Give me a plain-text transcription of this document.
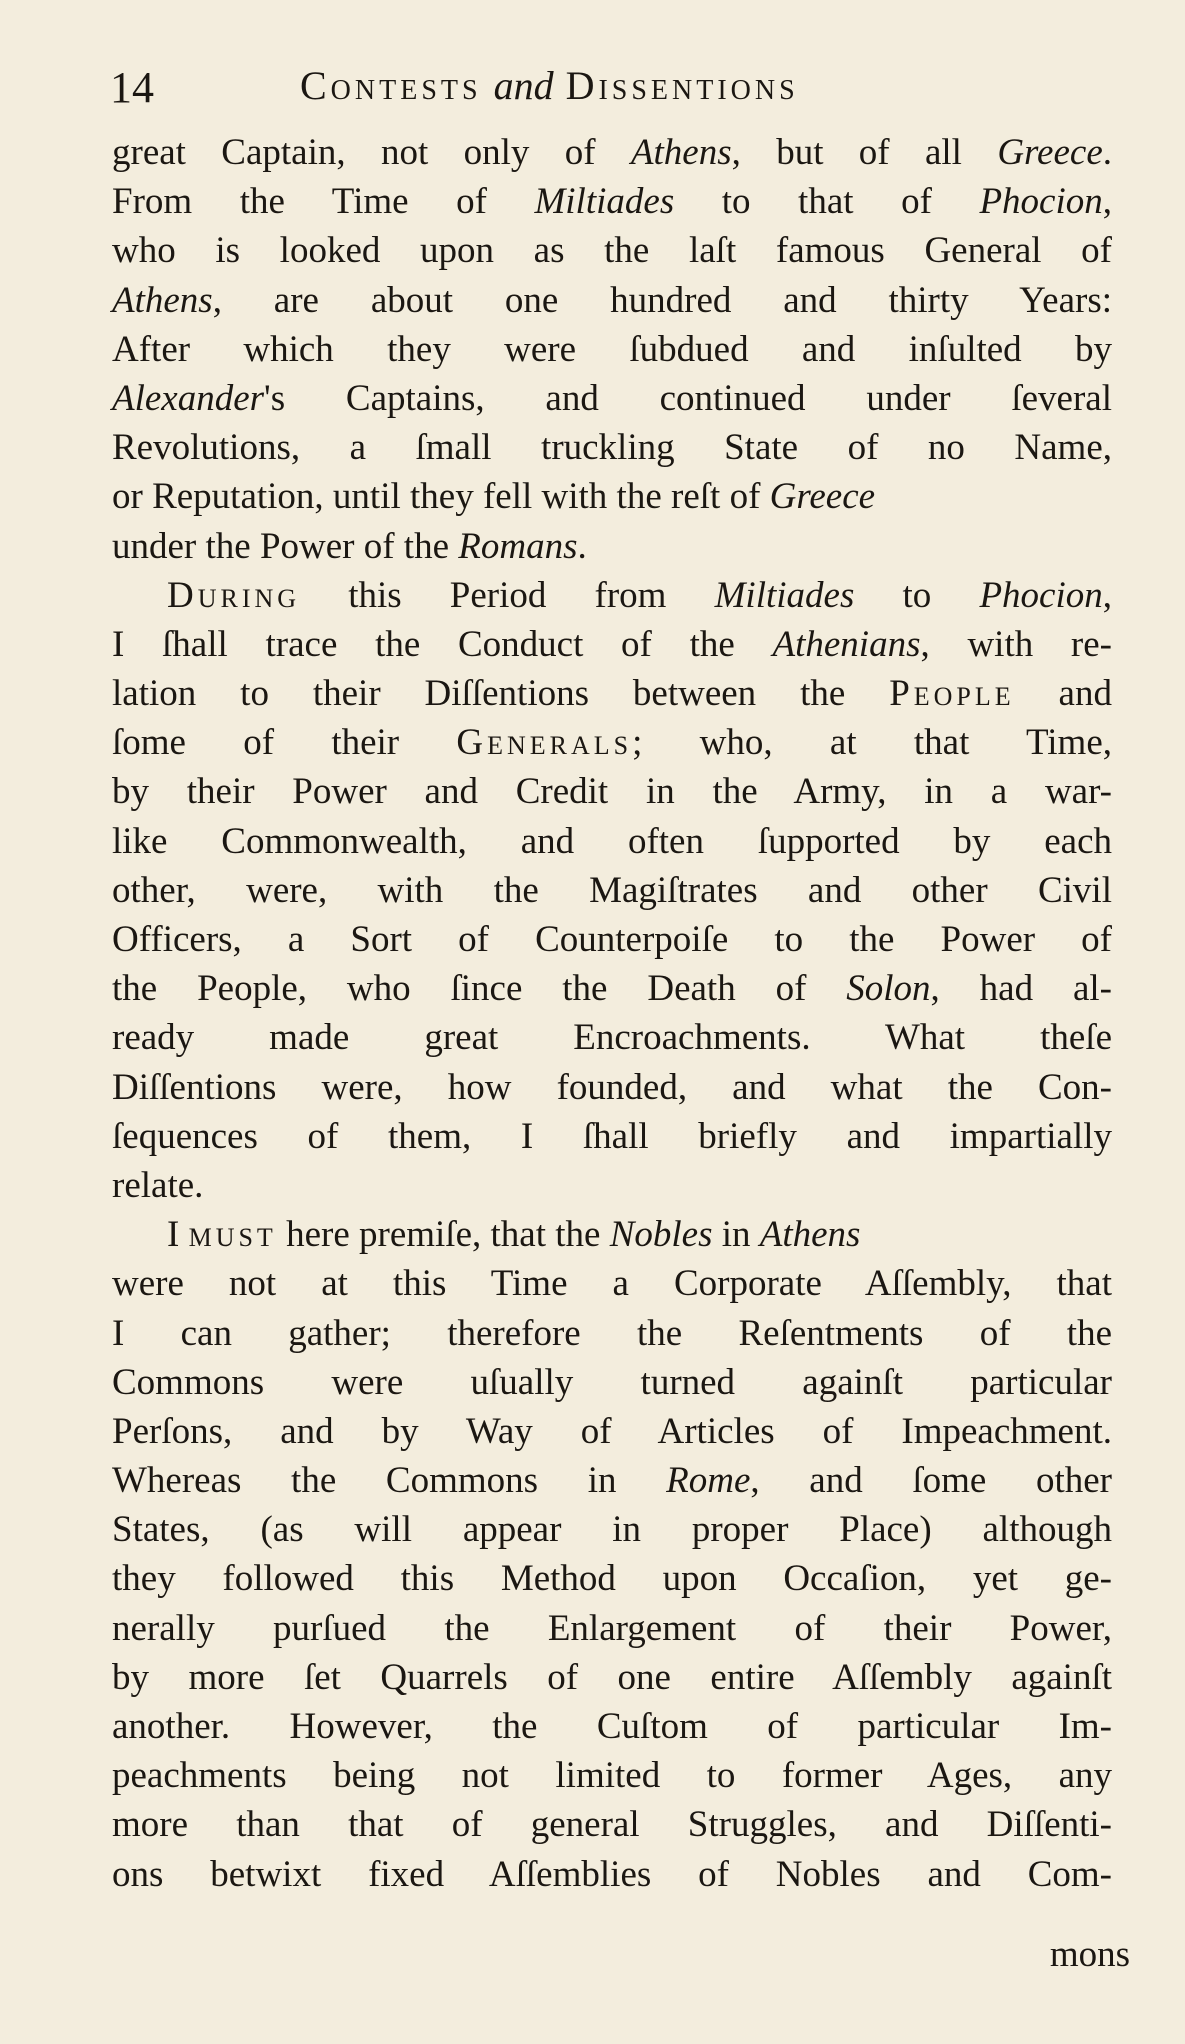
14	Contests and Dissentions
great Captain, not only of Athens, but of all Greece.
From the Time of Miltiades to that of Phocion,
who is looked upon as the laſt famous General of
Athens, are about one hundred and thirty Years:
After which they were ſubdued and inſulted by
Alexander's Captains, and continued under ſeveral
Revolutions, a ſmall truckling State of no Name,
or Reputation, until they fell with the reſt of Greece
under the Power of the Romans.
During this Period from Miltiades to Phocion,
I ſhall trace the Conduct of the Athenians, with re-
lation to their Diſſentions between the People and
ſome of their Generals; who, at that Time,
by their Power and Credit in the Army, in a war-
like Commonwealth, and often ſupported by each
other, were, with the Magiſtrates and other Civil
Officers, a Sort of Counterpoiſe to the Power of
the People, who ſince the Death of Solon, had al-
ready made great Encroachments. What theſe
Diſſentions were, how founded, and what the Con-
ſequences of them, I ſhall briefly and impartially
relate.
I must here premiſe, that the Nobles in Athens
were not at this Time a Corporate Aſſembly, that
I can gather; therefore the Reſentments of the
Commons were uſually turned againſt particular
Perſons, and by Way of Articles of Impeachment.
Whereas the Commons in Rome, and ſome other
States, (as will appear in proper Place) although
they followed this Method upon Occaſion, yet ge-
nerally purſued the Enlargement of their Power,
by more ſet Quarrels of one entire Aſſembly againſt
another. However, the Cuſtom of particular Im-
peachments being not limited to former Ages, any
more than that of general Struggles, and Diſſenti-
ons betwixt fixed Aſſemblies of Nobles and Com-
mons
